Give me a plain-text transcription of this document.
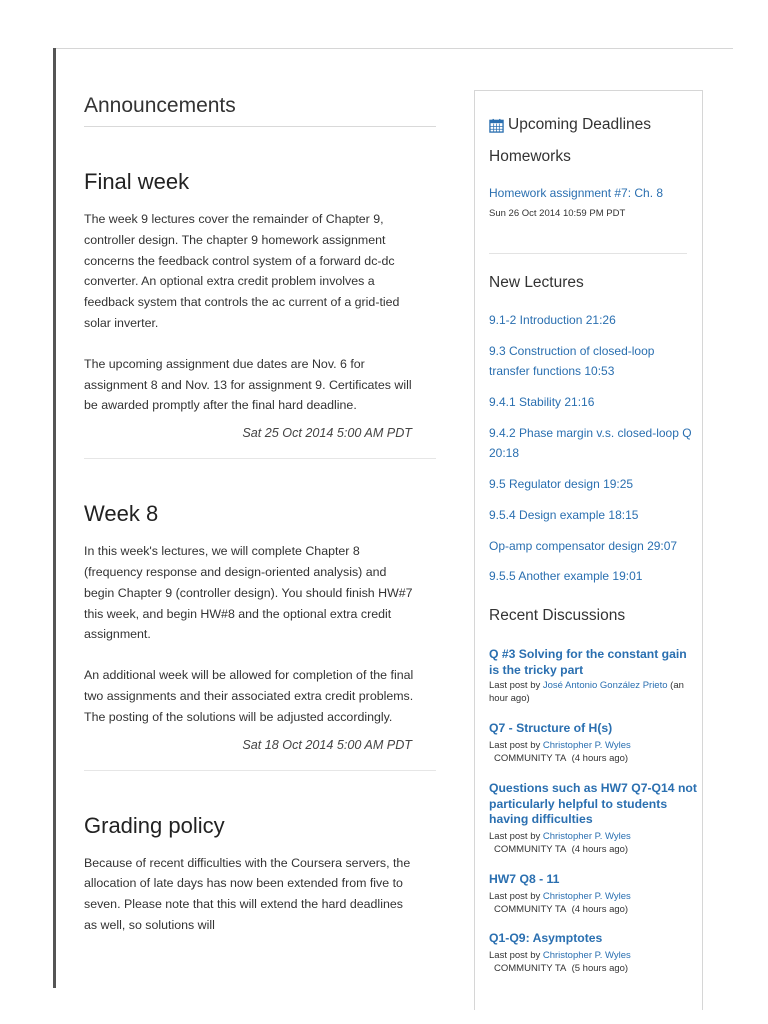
Announcements
Final week

The week 9 lectures cover the remainder of Chapter 9, controller design. The chapter 9 homework assignment concerns the feedback control system of a forward dc-dc converter. An optional extra credit problem involves a feedback system that controls the ac current of a grid-tied solar inverter.

The upcoming assignment due dates are Nov. 6 for assignment 8 and Nov. 13 for assignment 9. Certificates will be awarded promptly after the final hard deadline.

Sat 25 Oct 2014 5:00 AM PDT
Week 8

In this week's lectures, we will complete Chapter 8 (frequency response and design-oriented analysis) and begin Chapter 9 (controller design). You should finish HW#7 this week, and begin HW#8 and the optional extra credit assignment.

An additional week will be allowed for completion of the final two assignments and their associated extra credit problems. The posting of the solutions will be adjusted accordingly.

Sat 18 Oct 2014 5:00 AM PDT
Grading policy

Because of recent difficulties with the Coursera servers, the allocation of late days has now been extended from five to seven. Please note that this will extend the hard deadlines as well, so solutions will

Upcoming Deadlines
Homeworks
Homework assignment #7: Ch. 8
Sun 26 Oct 2014 10:59 PM PDT
New Lectures
9.1-2 Introduction 21:26
9.3 Construction of closed-loop transfer functions 10:53
9.4.1 Stability 21:16
9.4.2 Phase margin v.s. closed-loop Q 20:18
9.5 Regulator design 19:25
9.5.4 Design example 18:15
Op-amp compensator design 29:07
9.5.5 Another example 19:01
Recent Discussions
Q #3 Solving for the constant gain is the tricky part
Last post by José Antonio González Prieto (an hour ago)
Q7 - Structure of H(s)
Last post by Christopher P. Wyles
COMMUNITY TA (4 hours ago)
Questions such as HW7 Q7-Q14 not particularly helpful to students having difficulties
Last post by Christopher P. Wyles
COMMUNITY TA (4 hours ago)
HW7 Q8 - 11
Last post by Christopher P. Wyles
COMMUNITY TA (4 hours ago)
Q1-Q9: Asymptotes
Last post by Christopher P. Wyles
COMMUNITY TA (5 hours ago)
